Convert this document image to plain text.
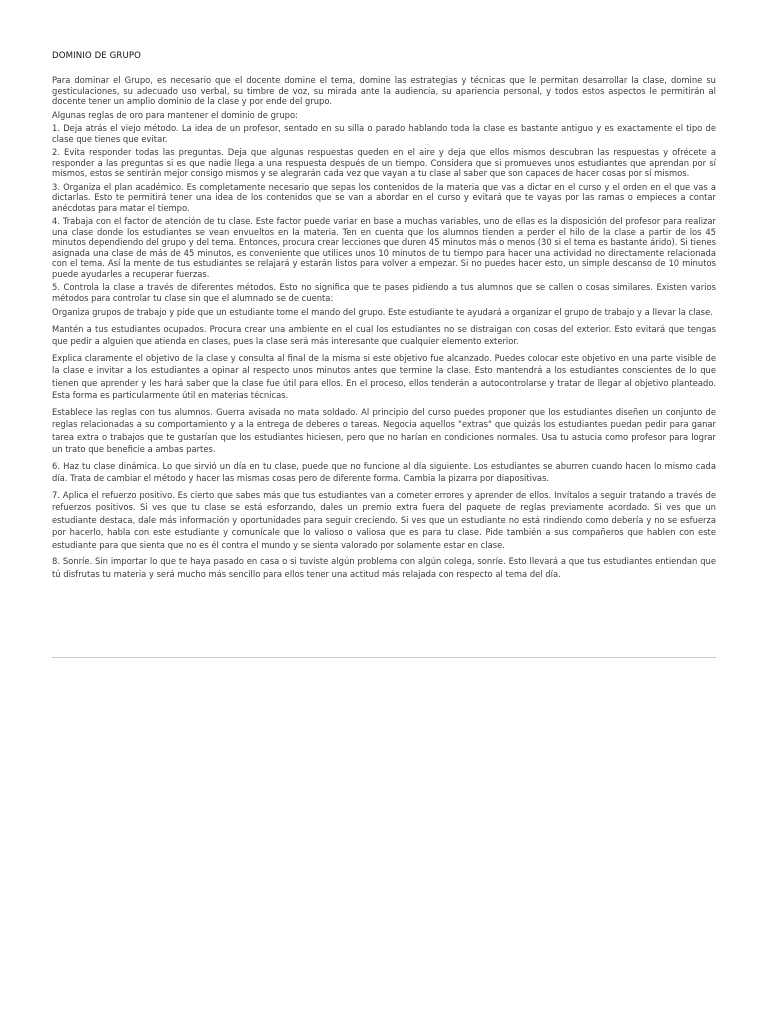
DOMINIO DE GRUPO

Para dominar el Grupo, es necesario que el docente domine el tema, domine las estrategias y técnicas que le permitan desarrollar la clase, domine su gesticulaciones, su adecuado uso verbal, su timbre de voz, su mirada ante la audiencia, su apariencia personal, y todos estos aspectos le permitirán al docente tener un amplio dominio de la clase y por ende del grupo.

Algunas reglas de oro para mantener el dominio de grupo:

1. Deja atrás el viejo método. La idea de un profesor, sentado en su silla o parado hablando toda la clase es bastante antiguo y es exactamente el tipo de clase que tienes que evitar.

2. Evita responder todas las preguntas. Deja que algunas respuestas queden en el aire y deja que ellos mismos descubran las respuestas y ofrécete a responder a las preguntas si es que nadie llega a una respuesta después de un tiempo. Considera que si promueves unos estudiantes que aprendan por sí mismos, estos se sentirán mejor consigo mismos y se alegrarán cada vez que vayan a tu clase al saber que son capaces de hacer cosas por sí mismos.

3. Organiza el plan académico. Es completamente necesario que sepas los contenidos de la materia que vas a dictar en el curso y el orden en el que vas a dictarlas. Esto te permitirá tener una idea de los contenidos que se van a abordar en el curso y evitará que te vayas por las ramas o empieces a contar anécdotas para matar el tiempo.

4. Trabaja con el factor de atención de tu clase. Este factor puede variar en base a muchas variables, uno de ellas es la disposición del profesor para realizar una clase donde los estudiantes se vean envueltos en la materia. Ten en cuenta que los alumnos tienden a perder el hilo de la clase a partir de los 45 minutos dependiendo del grupo y del tema. Entonces, procura crear lecciones que duren 45 minutos más o menos (30 si el tema es bastante árido). Si tienes asignada una clase de más de 45 minutos, es conveniente que utilices unos 10 minutos de tu tiempo para hacer una actividad no directamente relacionada con el tema. Así la mente de tus estudiantes se relajará y estarán listos para volver a empezar. Si no puedes hacer esto, un simple descanso de 10 minutos puede ayudarles a recuperar fuerzas.

5. Controla la clase a través de diferentes métodos. Esto no significa que te pases pidiendo a tus alumnos que se callen o cosas similares. Existen varios métodos para controlar tu clase sin que el alumnado se de cuenta:

Organiza grupos de trabajo y pide que un estudiante tome el mando del grupo. Este estudiante te ayudará a organizar el grupo de trabajo y a llevar la clase.

Mantén a tus estudiantes ocupados. Procura crear una ambiente en el cual los estudiantes no se distraigan con cosas del exterior. Esto evitará que tengas que pedir a alguien que atienda en clases, pues la clase será más interesante que cualquier elemento exterior.

Explica claramente el objetivo de la clase y consulta al final de la misma si este objetivo fue alcanzado. Puedes colocar este objetivo en una parte visible de la clase e invitar a los estudiantes a opinar al respecto unos minutos antes que termine la clase. Esto mantendrá a los estudiantes conscientes de lo que tienen que aprender y les hará saber que la clase fue útil para ellos. En el proceso, ellos tenderán a autocontrolarse y tratar de llegar al objetivo planteado. Esta forma es particularmente útil en materias técnicas.

Establece las reglas con tus alumnos. Guerra avisada no mata soldado. Al principio del curso puedes proponer que los estudiantes diseñen un conjunto de reglas relacionadas a su comportamiento y a la entrega de deberes o tareas. Negocia aquellos "extras" que quizás los estudiantes puedan pedir para ganar tarea extra o trabajos que te gustarían que los estudiantes hiciesen, pero que no harían en condiciones normales. Usa tu astucia como profesor para lograr un trato que beneficie a ambas partes.

6. Haz tu clase dinámica. Lo que sirvió un día en tu clase, puede que no funcione al día siguiente. Los estudiantes se aburren cuando hacen lo mismo cada día. Trata de cambiar el método y hacer las mismas cosas pero de diferente forma. Cambia la pizarra por diapositivas.

7. Aplica el refuerzo positivo. Es cierto que sabes más que tus estudiantes van a cometer errores y aprender de ellos. Invítalos a seguir tratando a través de refuerzos positivos. Si ves que tu clase se está esforzando, dales un premio extra fuera del paquete de reglas previamente acordado. Si ves que un estudiante destaca, dale más información y oportunidades para seguir creciendo. Si ves que un estudiante no está rindiendo como debería y no se esfuerza por hacerlo, habla con este estudiante y comunícale que lo valioso o valiosa que es para tu clase. Pide también a sus compañeros que hablen con este estudiante para que sienta que no es él contra el mundo y se sienta valorado por solamente estar en clase.

8. Sonríe. Sin importar lo que te haya pasado en casa o si tuviste algún problema con algún colega, sonríe. Esto llevará a que tus estudiantes entiendan que tú disfrutas tu materia y será mucho más sencillo para ellos tener una actitud más relajada con respecto al tema del día.
